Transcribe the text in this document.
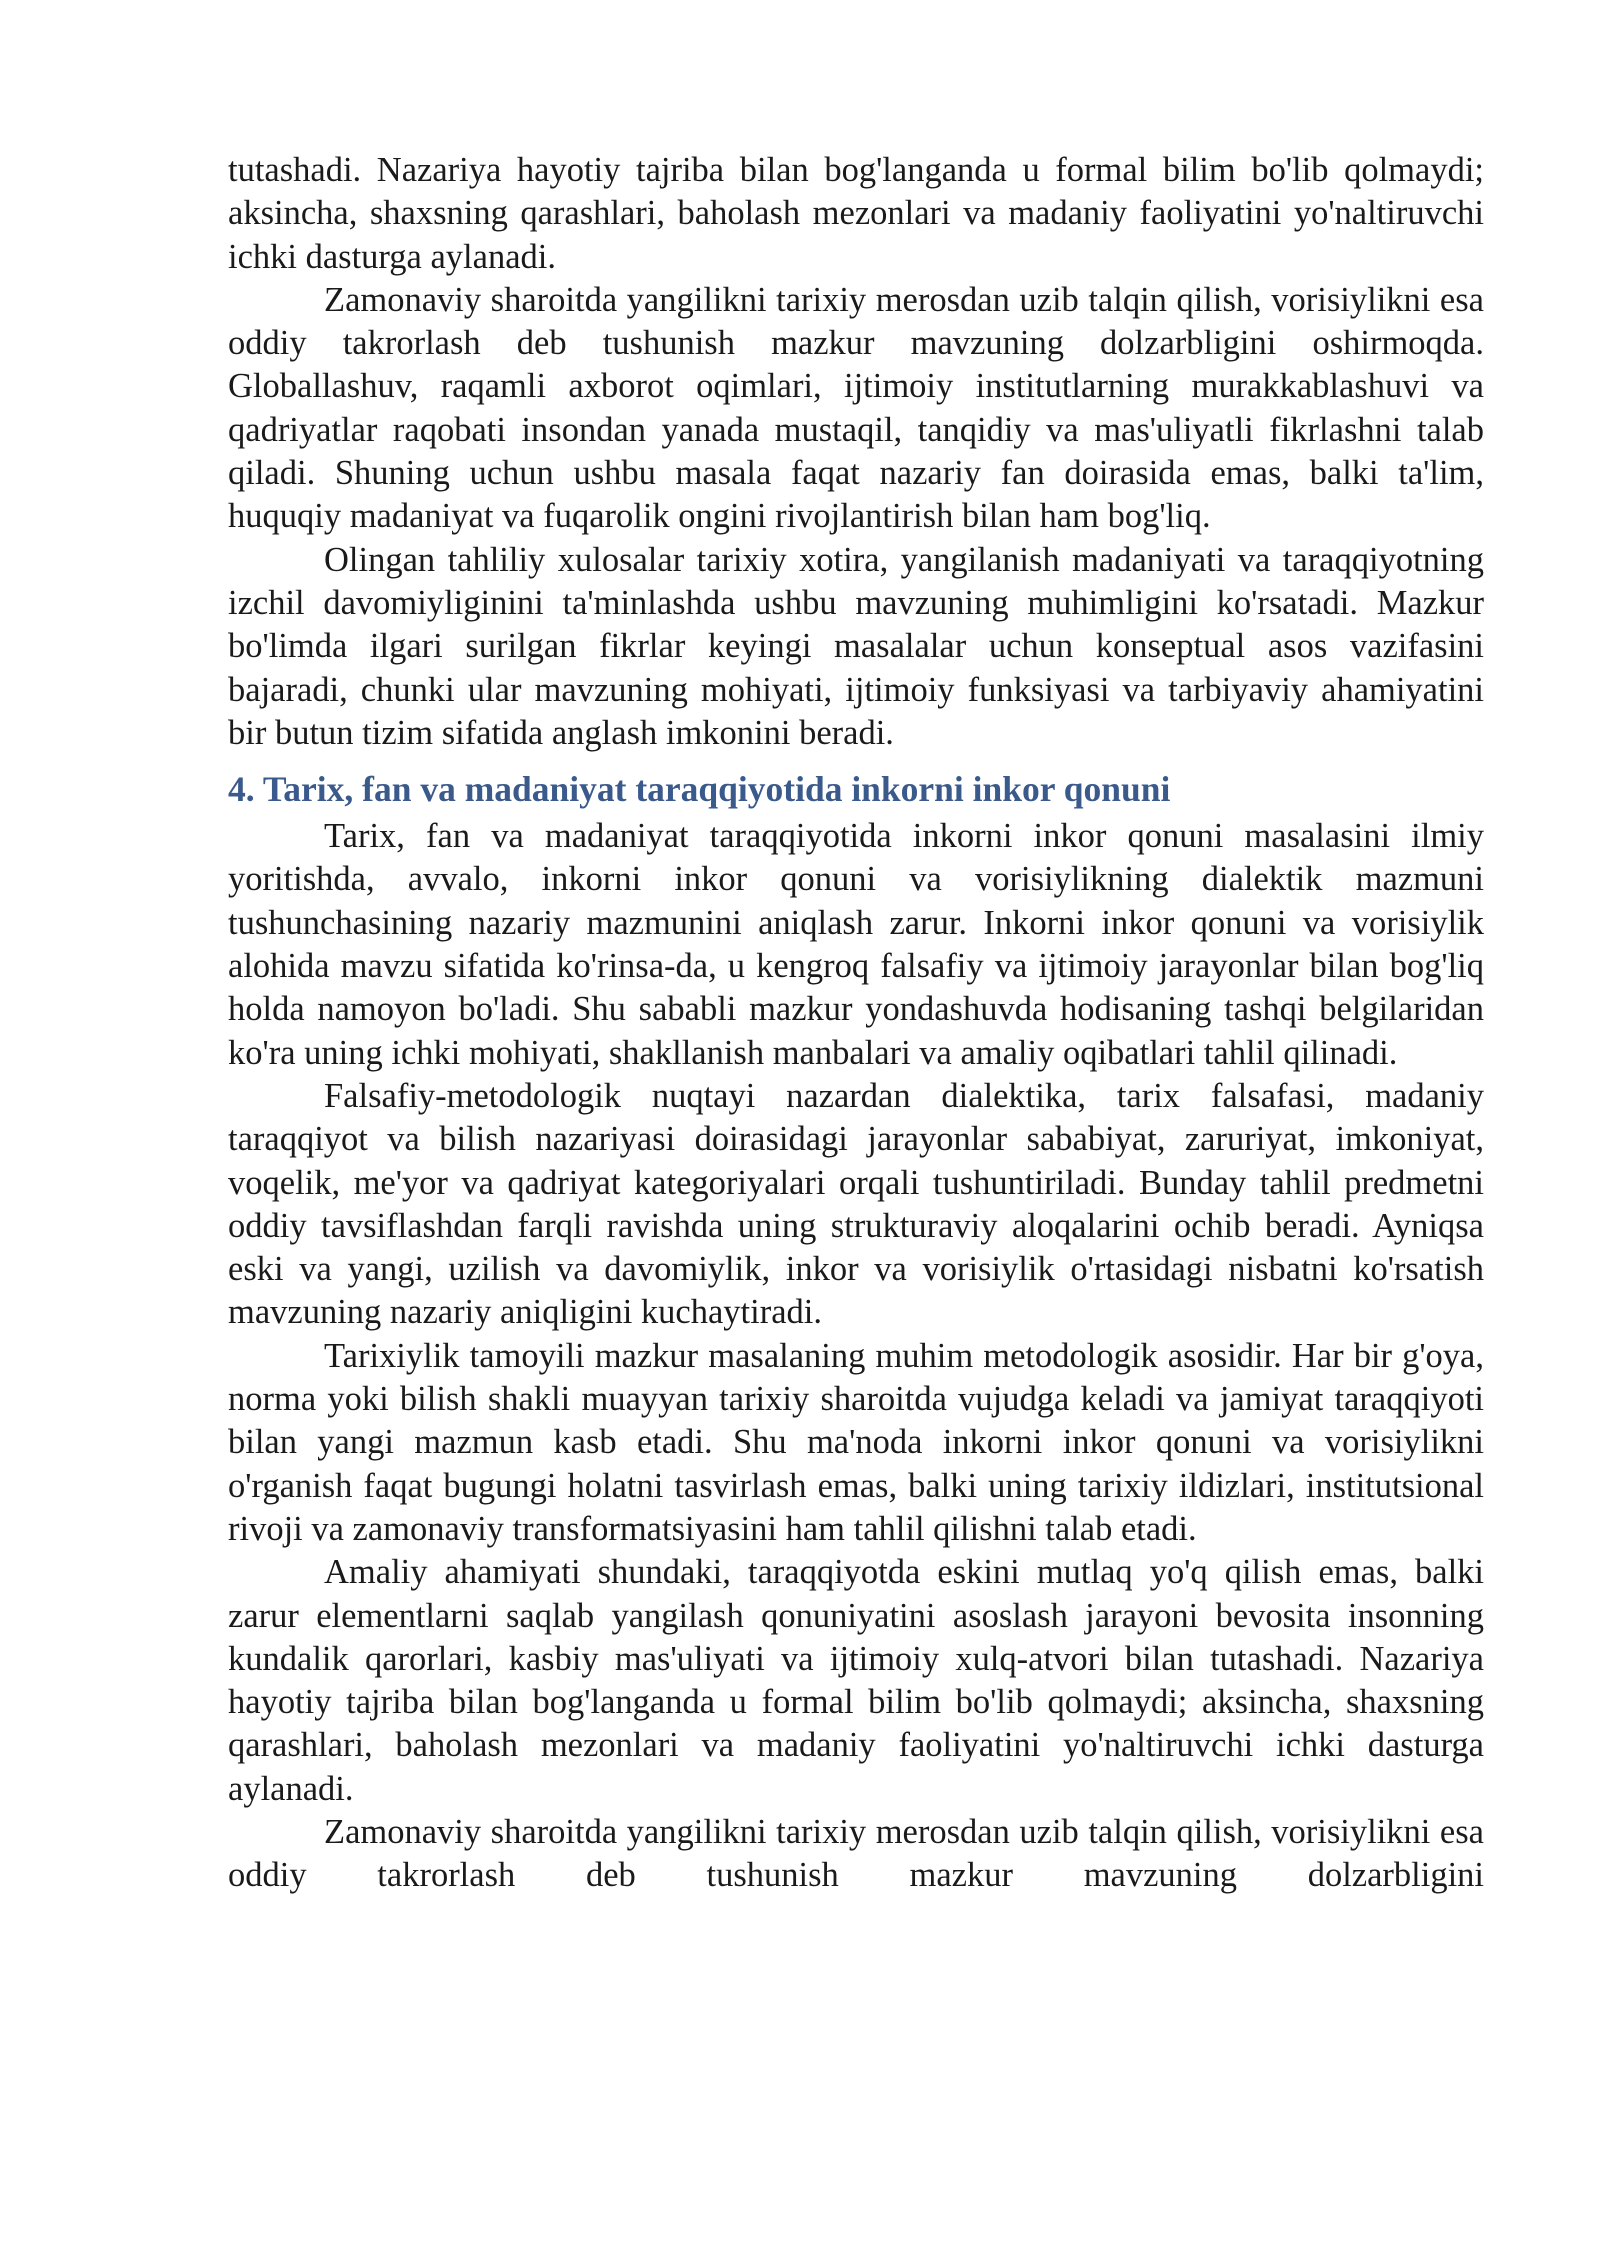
tutashadi. Nazariya hayotiy tajriba bilan bog'langanda u formal bilim bo'lib qolmaydi; aksincha, shaxsning qarashlari, baholash mezonlari va madaniy faoliyatini yo'naltiruvchi ichki dasturga aylanadi.

Zamonaviy sharoitda yangilikni tarixiy merosdan uzib talqin qilish, vorisiylikni esa oddiy takrorlash deb tushunish mazkur mavzuning dolzarbligini oshirmoqda. Globallashuv, raqamli axborot oqimlari, ijtimoiy institutlarning murakkablashuvi va qadriyatlar raqobati insondan yanada mustaqil, tanqidiy va mas'uliyatli fikrlashni talab qiladi. Shuning uchun ushbu masala faqat nazariy fan doirasida emas, balki ta'lim, huquqiy madaniyat va fuqarolik ongini rivojlantirish bilan ham bog'liq.

Olingan tahliliy xulosalar tarixiy xotira, yangilanish madaniyati va taraqqiyotning izchil davomiyliginini ta'minlashda ushbu mavzuning muhimligini ko'rsatadi. Mazkur bo'limda ilgari surilgan fikrlar keyingi masalalar uchun konseptual asos vazifasini bajaradi, chunki ular mavzuning mohiyati, ijtimoiy funksiyasi va tarbiyaviy ahamiyatini bir butun tizim sifatida anglash imkonini beradi.

4. Tarix, fan va madaniyat taraqqiyotida inkorni inkor qonuni

Tarix, fan va madaniyat taraqqiyotida inkorni inkor qonuni masalasini ilmiy yoritishda, avvalo, inkorni inkor qonuni va vorisiylikning dialektik mazmuni tushunchasining nazariy mazmunini aniqlash zarur. Inkorni inkor qonuni va vorisiylik alohida mavzu sifatida ko'rinsa-da, u kengroq falsafiy va ijtimoiy jarayonlar bilan bog'liq holda namoyon bo'ladi. Shu sababli mazkur yondashuvda hodisaning tashqi belgilaridan ko'ra uning ichki mohiyati, shakllanish manbalari va amaliy oqibatlari tahlil qilinadi.

Falsafiy-metodologik nuqtayi nazardan dialektika, tarix falsafasi, madaniy taraqqiyot va bilish nazariyasi doirasidagi jarayonlar sababiyat, zaruriyat, imkoniyat, voqelik, me'yor va qadriyat kategoriyalari orqali tushuntiriladi. Bunday tahlil predmetni oddiy tavsiflashdan farqli ravishda uning strukturaviy aloqalarini ochib beradi. Ayniqsa eski va yangi, uzilish va davomiylik, inkor va vorisiylik o'rtasidagi nisbatni ko'rsatish mavzuning nazariy aniqligini kuchaytiradi.

Tarixiylik tamoyili mazkur masalaning muhim metodologik asosidir. Har bir g'oya, norma yoki bilish shakli muayyan tarixiy sharoitda vujudga keladi va jamiyat taraqqiyoti bilan yangi mazmun kasb etadi. Shu ma'noda inkorni inkor qonuni va vorisiylikni o'rganish faqat bugungi holatni tasvirlash emas, balki uning tarixiy ildizlari, institutsional rivoji va zamonaviy transformatsiyasini ham tahlil qilishni talab etadi.

Amaliy ahamiyati shundaki, taraqqiyotda eskini mutlaq yo'q qilish emas, balki zarur elementlarni saqlab yangilash qonuniyatini asoslash jarayoni bevosita insonning kundalik qarorlari, kasbiy mas'uliyati va ijtimoiy xulq-atvori bilan tutashadi. Nazariya hayotiy tajriba bilan bog'langanda u formal bilim bo'lib qolmaydi; aksincha, shaxsning qarashlari, baholash mezonlari va madaniy faoliyatini yo'naltiruvchi ichki dasturga aylanadi.

Zamonaviy sharoitda yangilikni tarixiy merosdan uzib talqin qilish, vorisiylikni esa oddiy takrorlash deb tushunish mazkur mavzuning dolzarbligini
